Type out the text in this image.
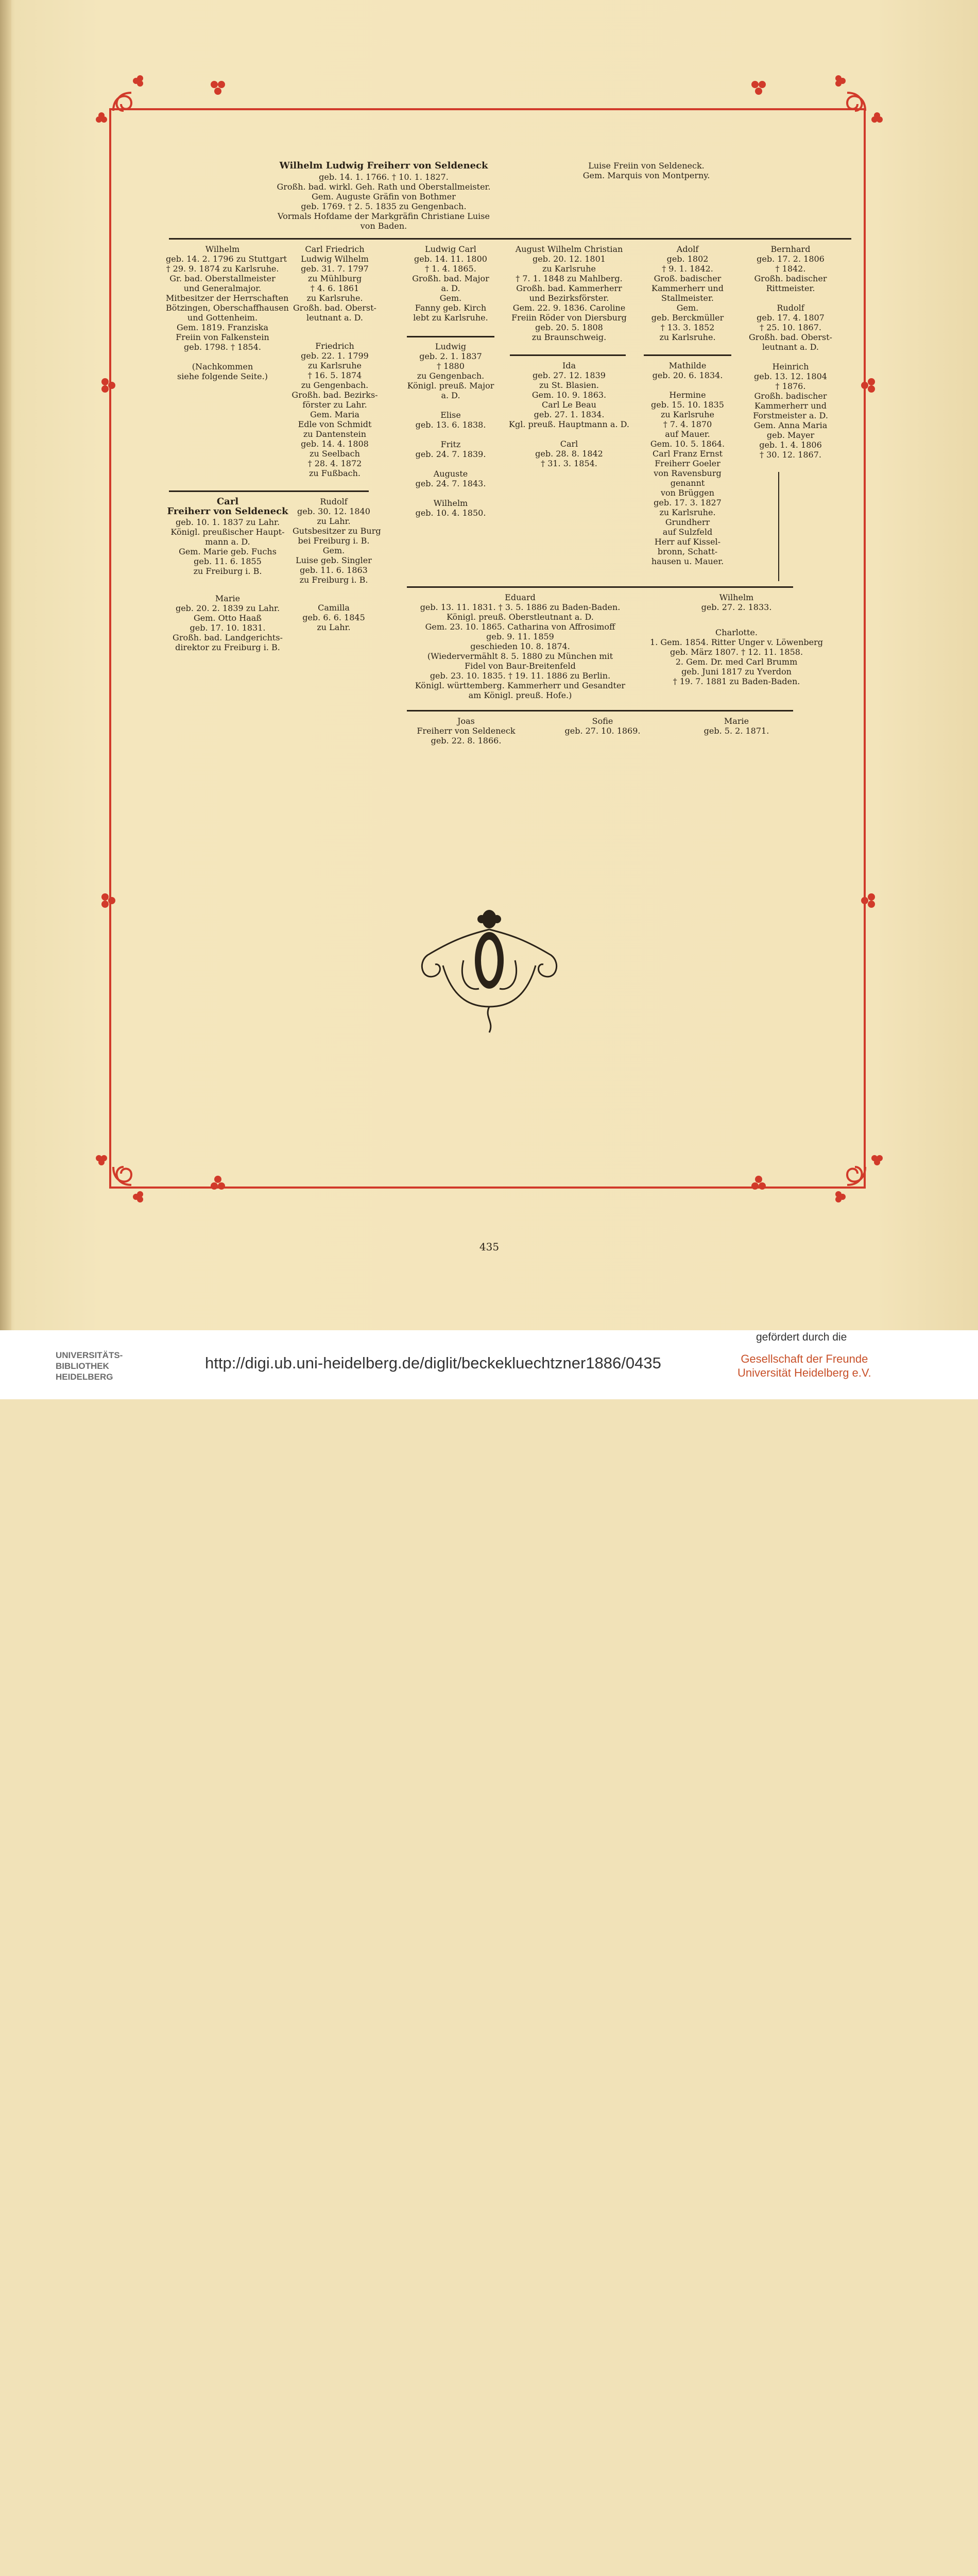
Wilhelm Ludwig Freiherr von Seldeneck
geb. 14. 1. 1766. † 10. 1. 1827.
Großh. bad. wirkl. Geh. Rath und Oberstallmeister.
Gem. Auguste Gräfin von Bothmer
geb. 1769. † 2. 5. 1835 zu Gengenbach.
Vormals Hofdame der Markgräfin Christiane Luise
von Baden.
Luise Freiin von Seldeneck.
Gem. Marquis von Montperny.
Wilhelm
geb. 14. 2. 1796 zu Stuttgart
† 29. 9. 1874 zu Karlsruhe.
Gr. bad. Oberstallmeister
und Generalmajor.
Mitbesitzer der Herrschaften
Bötzingen, Oberschaffhausen
und Gottenheim.
Gem. 1819. Franziska
Freiin von Falkenstein
geb. 1798. † 1854.

(Nachkommen
siehe folgende Seite.)
Carl Friedrich
Ludwig Wilhelm
geb. 31. 7. 1797
zu Mühlburg
† 4. 6. 1861
zu Karlsruhe.
Großh. bad. Oberst-
leutnant a. D.
Friedrich
geb. 22. 1. 1799
zu Karlsruhe
† 16. 5. 1874
zu Gengenbach.
Großh. bad. Bezirks-
förster zu Lahr.
Gem. Maria
Edle von Schmidt
zu Dantenstein
geb. 14. 4. 1808
zu Seelbach
† 28. 4. 1872
zu Fußbach.
Ludwig Carl
geb. 14. 11. 1800
† 1. 4. 1865.
Großh. bad. Major
a. D.
Gem.
Fanny geb. Kirch
lebt zu Karlsruhe.
Ludwig
geb. 2. 1. 1837
† 1880
zu Gengenbach.
Königl. preuß. Major
a. D.

Elise
geb. 13. 6. 1838.

Fritz
geb. 24. 7. 1839.

Auguste
geb. 24. 7. 1843.

Wilhelm
geb. 10. 4. 1850.
August Wilhelm Christian
geb. 20. 12. 1801
zu Karlsruhe
† 7. 1. 1848 zu Mahlberg.
Großh. bad. Kammerherr
und Bezirksförster.
Gem. 22. 9. 1836. Caroline
Freiin Röder von Diersburg
geb. 20. 5. 1808
zu Braunschweig.
Ida
geb. 27. 12. 1839
zu St. Blasien.
Gem. 10. 9. 1863.
Carl Le Beau
geb. 27. 1. 1834.
Kgl. preuß. Hauptmann a. D.

Carl
geb. 28. 8. 1842
† 31. 3. 1854.
Adolf
geb. 1802
† 9. 1. 1842.
Groß. badischer
Kammerherr und
Stallmeister.
Gem.
geb. Berckmüller
† 13. 3. 1852
zu Karlsruhe.
Mathilde
geb. 20. 6. 1834.

Hermine
geb. 15. 10. 1835
zu Karlsruhe
† 7. 4. 1870
auf Mauer.
Gem. 10. 5. 1864.
Carl Franz Ernst
Freiherr Goeler
von Ravensburg
genannt
von Brüggen
geb. 17. 3. 1827
zu Karlsruhe.
Grundherr
auf Sulzfeld
Herr auf Kissel-
bronn, Schatt-
hausen u. Mauer.
Bernhard
geb. 17. 2. 1806
† 1842.
Großh. badischer
Rittmeister.

Rudolf
geb. 17. 4. 1807
† 25. 10. 1867.
Großh. bad. Oberst-
leutnant a. D.

Heinrich
geb. 13. 12. 1804
† 1876.
Großh. badischer
Kammerherr und
Forstmeister a. D.
Gem. Anna Maria
geb. Mayer
geb. 1. 4. 1806
† 30. 12. 1867.
Carl
Freiherr von Seldeneck
geb. 10. 1. 1837 zu Lahr.
Königl. preußischer Haupt-
mann a. D.
Gem. Marie geb. Fuchs
geb. 11. 6. 1855
zu Freiburg i. B.
Marie
geb. 20. 2. 1839 zu Lahr.
Gem. Otto Haaß
geb. 17. 10. 1831.
Großh. bad. Landgerichts-
direktor zu Freiburg i. B.
Rudolf
geb. 30. 12. 1840
zu Lahr.
Gutsbesitzer zu Burg
bei Freiburg i. B.
Gem.
Luise geb. Singler
geb. 11. 6. 1863
zu Freiburg i. B.
Camilla
geb. 6. 6. 1845
zu Lahr.
Eduard
geb. 13. 11. 1831. † 3. 5. 1886 zu Baden-Baden.
Königl. preuß. Oberstleutnant a. D.
Gem. 23. 10. 1865. Catharina von Affrosimoff
geb. 9. 11. 1859
geschieden 10. 8. 1874.
(Wiedervermählt 8. 5. 1880 zu München mit
Fidel von Baur-Breitenfeld
geb. 23. 10. 1835. † 19. 11. 1886 zu Berlin.
Königl. württemberg. Kammerherr und Gesandter
am Königl. preuß. Hofe.)
Wilhelm
geb. 27. 2. 1833.
Charlotte.
1. Gem. 1854. Ritter Unger v. Löwenberg
geb. März 1807. † 12. 11. 1858.
2. Gem. Dr. med Carl Brumm
geb. Juni 1817 zu Yverdon
† 19. 7. 1881 zu Baden-Baden.
Joas
Freiherr von Seldeneck
geb. 22. 8. 1866.
Sofie
geb. 27. 10. 1869.
Marie
geb. 5. 2. 1871.
435
UNIVERSITÄTS-
BIBLIOTHEK
HEIDELBERG
http://digi.ub.uni-heidelberg.de/diglit/beckekluechtzner1886/0435
gefördert durch die
Gesellschaft der Freunde
Universität Heidelberg e.V.
